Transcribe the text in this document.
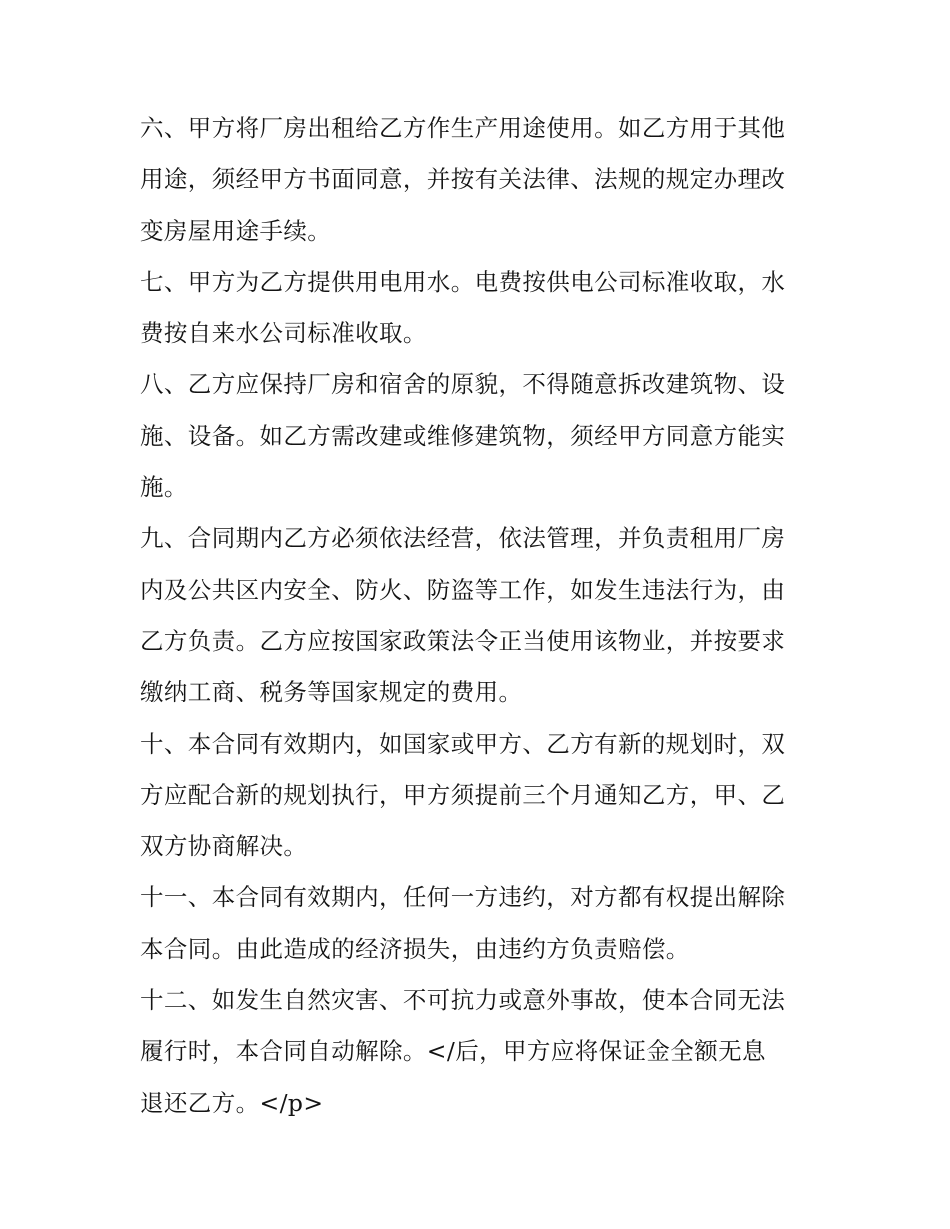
六、甲方将厂房出租给乙方作生产用途使用。如乙方用于其他
用途，须经甲方书面同意，并按有关法律、法规的规定办理改
变房屋用途手续。

七、甲方为乙方提供用电用水。电费按供电公司标准收取，水
费按自来水公司标准收取。

八、乙方应保持厂房和宿舍的原貌，不得随意拆改建筑物、设
施、设备。如乙方需改建或维修建筑物，须经甲方同意方能实
施。

九、合同期内乙方必须依法经营，依法管理，并负责租用厂房
内及公共区内安全、防火、防盗等工作，如发生违法行为，由
乙方负责。乙方应按国家政策法令正当使用该物业，并按要求
缴纳工商、税务等国家规定的费用。

十、本合同有效期内，如国家或甲方、乙方有新的规划时，双
方应配合新的规划执行，甲方须提前三个月通知乙方，甲、乙
双方协商解决。

十一、本合同有效期内，任何一方违约，对方都有权提出解除
本合同。由此造成的经济损失，由违约方负责赔偿。

十二、如发生自然灾害、不可抗力或意外事故，使本合同无法
履行时，本合同自动解除。</后，甲方应将保证金全额无息
退还乙方。</p>
